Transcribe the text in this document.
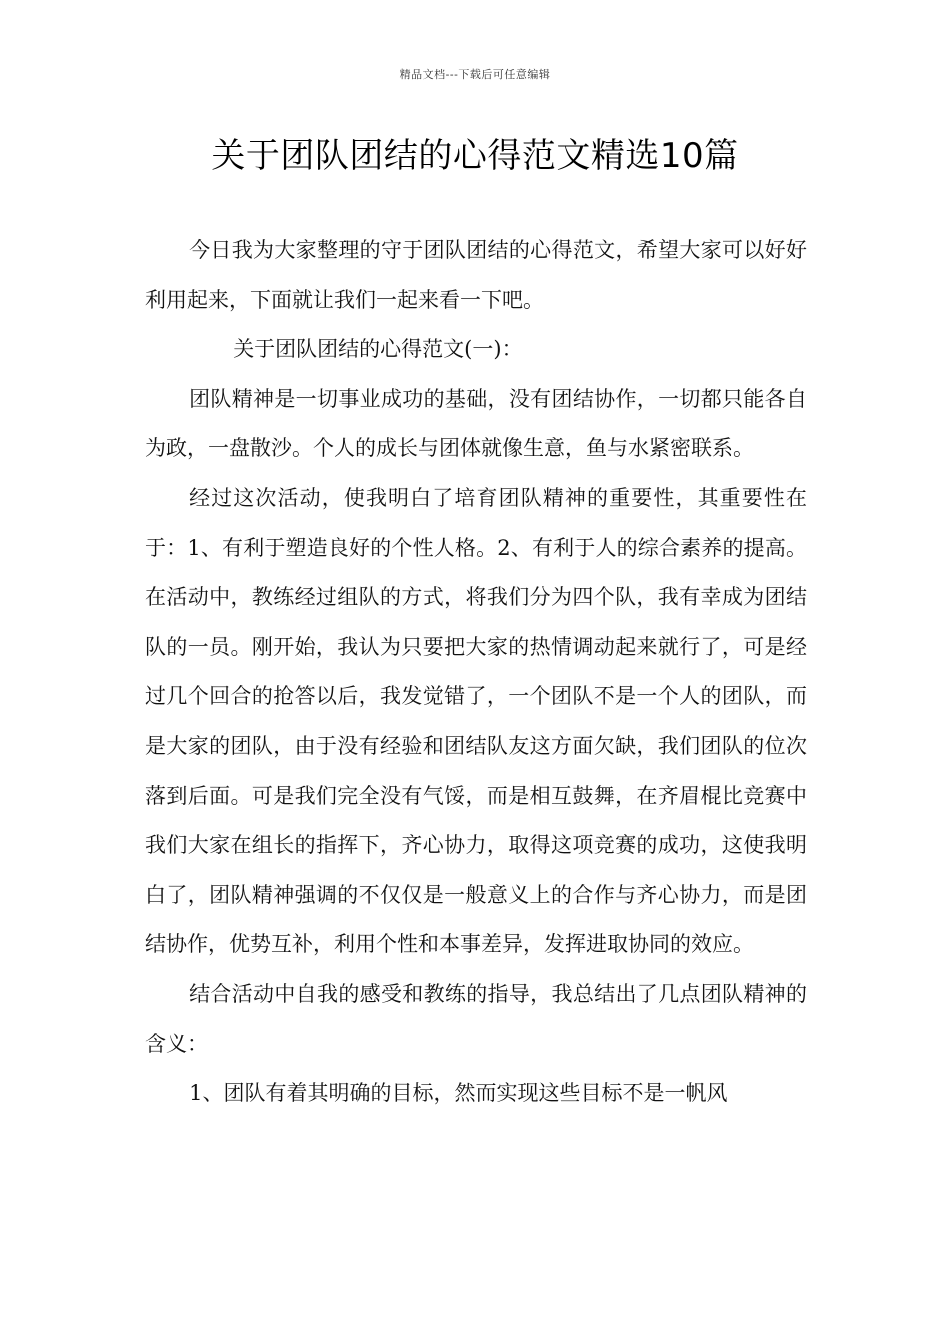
精品文档---下载后可任意编辑
关于团队团结的心得范文精选10篇

今日我为大家整理的守于团队团结的心得范文，希望大家可以好好利用起来，下面就让我们一起来看一下吧。

关于团队团结的心得范文(一)：

团队精神是一切事业成功的基础，没有团结协作，一切都只能各自为政，一盘散沙。个人的成长与团体就像生意，鱼与水紧密联系。

经过这次活动，使我明白了培育团队精神的重要性，其重要性在于：1、有利于塑造良好的个性人格。2、有利于人的综合素养的提高。在活动中，教练经过组队的方式，将我们分为四个队，我有幸成为团结队的一员。刚开始，我认为只要把大家的热情调动起来就行了，可是经过几个回合的抢答以后，我发觉错了，一个团队不是一个人的团队，而是大家的团队，由于没有经验和团结队友这方面欠缺，我们团队的位次落到后面。可是我们完全没有气馁，而是相互鼓舞，在齐眉棍比竞赛中我们大家在组长的指挥下，齐心协力，取得这项竞赛的成功，这使我明白了，团队精神强调的不仅仅是一般意义上的合作与齐心协力，而是团结协作，优势互补，利用个性和本事差异，发挥进取协同的效应。

结合活动中自我的感受和教练的指导，我总结出了几点团队精神的含义：

1、团队有着其明确的目标，然而实现这些目标不是一帆风
